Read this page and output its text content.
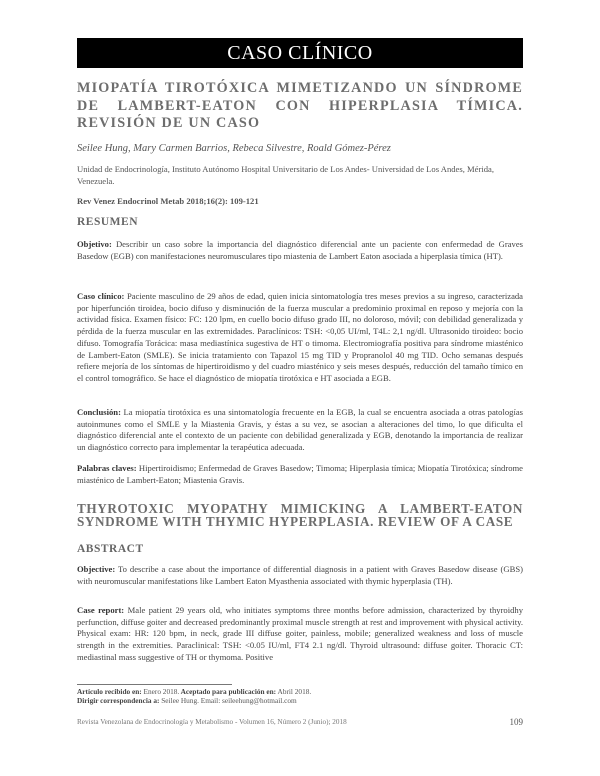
CASO CLÍNICO
MIOPATÍA TIROTÓXICA MIMETIZANDO UN SÍNDROME DE LAMBERT-EATON CON HIPERPLASIA TÍMICA. REVISIÓN DE UN CASO

Seilee Hung, Mary Carmen Barrios, Rebeca Silvestre, Roald Gómez-Pérez

Unidad de Endocrinología, Instituto Autónomo Hospital Universitario de Los Andes- Universidad de Los Andes, Mérida, Venezuela.

Rev Venez Endocrinol Metab 2018;16(2): 109-121

RESUMEN

Objetivo: Describir un caso sobre la importancia del diagnóstico diferencial ante un paciente con enfermedad de Graves Basedow (EGB) con manifestaciones neuromusculares tipo miastenia de Lambert Eaton asociada a hiperplasia tímica (HT).

Caso clínico: Paciente masculino de 29 años de edad, quien inicia sintomatología tres meses previos a su ingreso, caracterizada por hiperfunción tiroidea, bocio difuso y disminución de la fuerza muscular a predominio proximal en reposo y mejoría con la actividad física. Examen físico: FC: 120 lpm, en cuello bocio difuso grado III, no doloroso, móvil; con debilidad generalizada y pérdida de la fuerza muscular en las extremidades. Paraclínicos: TSH: <0,05 UI/ml, T4L: 2,1 ng/dl. Ultrasonido tiroideo: bocio difuso. Tomografía Torácica: masa mediastínica sugestiva de HT o timoma. Electromiografía positiva para síndrome miasténico de Lambert-Eaton (SMLE). Se inicia tratamiento con Tapazol 15 mg TID y Propranolol 40 mg TID. Ocho semanas después refiere mejoría de los síntomas de hipertiroidismo y del cuadro miasténico y seis meses después, reducción del tamaño tímico en el control tomográfico. Se hace el diagnóstico de miopatía tirotóxica e HT asociada a EGB.

Conclusión: La miopatía tirotóxica es una sintomatología frecuente en la EGB, la cual se encuentra asociada a otras patologías autoinmunes como el SMLE y la Miastenia Gravis, y éstas a su vez, se asocian a alteraciones del timo, lo que dificulta el diagnóstico diferencial ante el contexto de un paciente con debilidad generalizada y EGB, denotando la importancia de realizar un diagnóstico correcto para implementar la terapéutica adecuada.

Palabras claves: Hipertiroidismo; Enfermedad de Graves Basedow; Timoma; Hiperplasia tímica; Miopatía Tirotóxica; síndrome miasténico de Lambert-Eaton; Miastenia Gravis.

THYROTOXIC MYOPATHY MIMICKING A LAMBERT-EATON SYNDROME WITH THYMIC HYPERPLASIA. REVIEW OF A CASE
ABSTRACT

Objective: To describe a case about the importance of differential diagnosis in a patient with Graves Basedow disease (GBS) with neuromuscular manifestations like Lambert Eaton Myasthenia associated with thymic hyperplasia (TH).

Case report: Male patient 29 years old, who initiates symptoms three months before admission, characterized by thyroidhy perfunction, diffuse goiter and decreased predominantly proximal muscle strength at rest and improvement with physical activity. Physical exam: HR: 120 bpm, in neck, grade III diffuse goiter, painless, mobile; generalized weakness and loss of muscle strength in the extremities. Paraclinical: TSH: <0.05 IU/ml, FT4 2.1 ng/dl. Thyroid ultrasound: diffuse goiter. Thoracic CT: mediastinal mass suggestive of TH or thymoma. Positive

Artículo recibido en: Enero 2018. Aceptado para publicación en: Abril 2018.

Dirigir correspondencia a: Seilee Hung. Email: seileehung@hotmail.com

Revista Venezolana de Endocrinología y Metabolismo - Volumen 16, Número 2 (Junio); 2018	109
